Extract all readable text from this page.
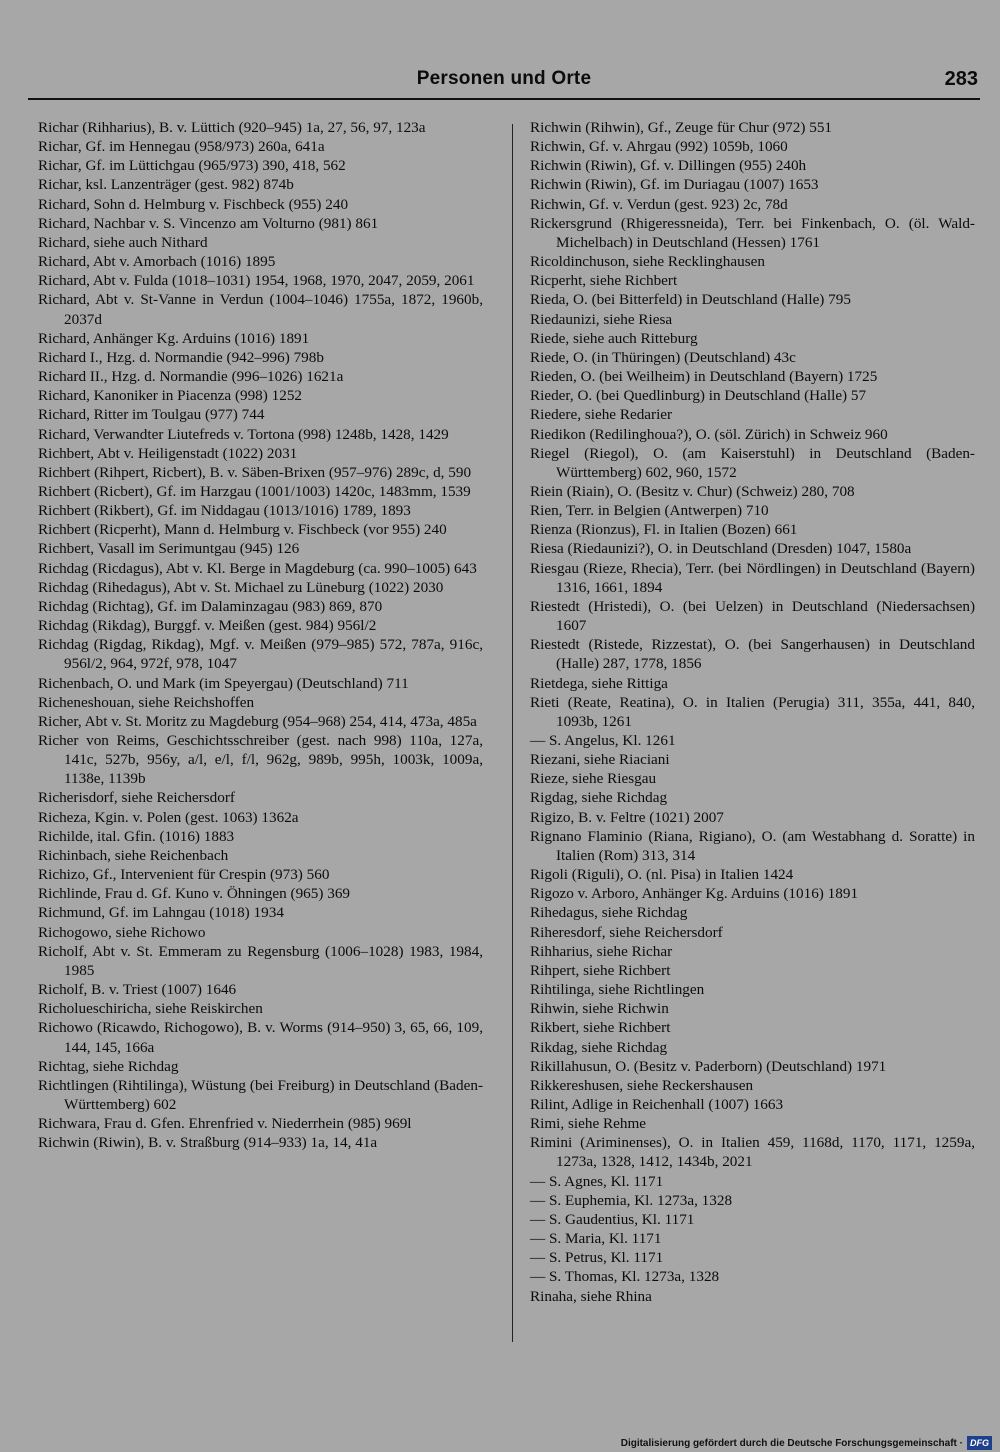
Personen und Orte	283

Richar (Rihharius), B. v. Lüttich (920–945) 1a, 27, 56, 97, 123a

Richar, Gf. im Hennegau (958/973) 260a, 641a

Richar, Gf. im Lüttichgau (965/973) 390, 418, 562

Richar, ksl. Lanzenträger (gest. 982) 874b

Richard, Sohn d. Helmburg v. Fischbeck (955) 240

Richard, Nachbar v. S. Vincenzo am Volturno (981) 861

Richard, siehe auch Nithard

Richard, Abt v. Amorbach (1016) 1895

Richard, Abt v. Fulda (1018–1031) 1954, 1968, 1970, 2047, 2059, 2061

Richard, Abt v. St-Vanne in Verdun (1004–1046) 1755a, 1872, 1960b, 2037d

Richard, Anhänger Kg. Arduins (1016) 1891

Richard I., Hzg. d. Normandie (942–996) 798b

Richard II., Hzg. d. Normandie (996–1026) 1621a

Richard, Kanoniker in Piacenza (998) 1252

Richard, Ritter im Toulgau (977) 744

Richard, Verwandter Liutefreds v. Tortona (998) 1248b, 1428, 1429

Richbert, Abt v. Heiligenstadt (1022) 2031

Richbert (Rihpert, Ricbert), B. v. Säben-Brixen (957–976) 289c, d, 590

Richbert (Ricbert), Gf. im Harzgau (1001/1003) 1420c, 1483mm, 1539

Richbert (Rikbert), Gf. im Niddagau (1013/1016) 1789, 1893

Richbert (Ricperht), Mann d. Helmburg v. Fischbeck (vor 955) 240

Richbert, Vasall im Serimuntgau (945) 126

Richdag (Ricdagus), Abt v. Kl. Berge in Magdeburg (ca. 990–1005) 643

Richdag (Rihedagus), Abt v. St. Michael zu Lüneburg (1022) 2030

Richdag (Richtag), Gf. im Dalaminzagau (983) 869, 870

Richdag (Rikdag), Burggf. v. Meißen (gest. 984) 956l/2

Richdag (Rigdag, Rikdag), Mgf. v. Meißen (979–985) 572, 787a, 916c, 956l/2, 964, 972f, 978, 1047

Richenbach, O. und Mark (im Speyergau) (Deutschland) 711

Richeneshouan, siehe Reichshoffen

Richer, Abt v. St. Moritz zu Magdeburg (954–968) 254, 414, 473a, 485a

Richer von Reims, Geschichtsschreiber (gest. nach 998) 110a, 127a, 141c, 527b, 956y, a/l, e/l, f/l, 962g, 989b, 995h, 1003k, 1009a, 1138e, 1139b

Richerisdorf, siehe Reichersdorf

Richeza, Kgin. v. Polen (gest. 1063) 1362a

Richilde, ital. Gfin. (1016) 1883

Richinbach, siehe Reichenbach

Richizo, Gf., Intervenient für Crespin (973) 560

Richlinde, Frau d. Gf. Kuno v. Öhningen (965) 369

Richmund, Gf. im Lahngau (1018) 1934

Richogowo, siehe Richowo

Richolf, Abt v. St. Emmeram zu Regensburg (1006–1028) 1983, 1984, 1985

Richolf, B. v. Triest (1007) 1646

Richolueschiricha, siehe Reiskirchen

Richowo (Ricawdo, Richogowo), B. v. Worms (914–950) 3, 65, 66, 109, 144, 145, 166a

Richtag, siehe Richdag

Richtlingen (Rihtilinga), Wüstung (bei Freiburg) in Deutschland (Baden-Württemberg) 602

Richwara, Frau d. Gfen. Ehrenfried v. Niederrhein (985) 969l

Richwin (Riwin), B. v. Straßburg (914–933) 1a, 14, 41a

Richwin (Rihwin), Gf., Zeuge für Chur (972) 551

Richwin, Gf. v. Ahrgau (992) 1059b, 1060

Richwin (Riwin), Gf. v. Dillingen (955) 240h

Richwin (Riwin), Gf. im Duriagau (1007) 1653

Richwin, Gf. v. Verdun (gest. 923) 2c, 78d

Rickersgrund (Rhigeressneida), Terr. bei Finkenbach, O. (öl. Wald-Michelbach) in Deutschland (Hessen) 1761

Ricoldinchuson, siehe Recklinghausen

Ricperht, siehe Richbert

Rieda, O. (bei Bitterfeld) in Deutschland (Halle) 795

Riedaunizi, siehe Riesa

Riede, siehe auch Ritteburg

Riede, O. (in Thüringen) (Deutschland) 43c

Rieden, O. (bei Weilheim) in Deutschland (Bayern) 1725

Rieder, O. (bei Quedlinburg) in Deutschland (Halle) 57

Riedere, siehe Redarier

Riedikon (Redilinghoua?), O. (söl. Zürich) in Schweiz 960

Riegel (Riegol), O. (am Kaiserstuhl) in Deutschland (Baden-Württemberg) 602, 960, 1572

Riein (Riain), O. (Besitz v. Chur) (Schweiz) 280, 708

Rien, Terr. in Belgien (Antwerpen) 710

Rienza (Rionzus), Fl. in Italien (Bozen) 661

Riesa (Riedaunizi?), O. in Deutschland (Dresden) 1047, 1580a

Riesgau (Rieze, Rhecia), Terr. (bei Nördlingen) in Deutschland (Bayern) 1316, 1661, 1894

Riestedt (Hristedi), O. (bei Uelzen) in Deutschland (Niedersachsen) 1607

Riestedt (Ristede, Rizzestat), O. (bei Sangerhausen) in Deutschland (Halle) 287, 1778, 1856

Rietdega, siehe Rittiga

Rieti (Reate, Reatina), O. in Italien (Perugia) 311, 355a, 441, 840, 1093b, 1261

— S. Angelus, Kl. 1261

Riezani, siehe Riaciani

Rieze, siehe Riesgau

Rigdag, siehe Richdag

Rigizo, B. v. Feltre (1021) 2007

Rignano Flaminio (Riana, Rigiano), O. (am Westabhang d. Soratte) in Italien (Rom) 313, 314

Rigoli (Riguli), O. (nl. Pisa) in Italien 1424

Rigozo v. Arboro, Anhänger Kg. Arduins (1016) 1891

Rihedagus, siehe Richdag

Riheresdorf, siehe Reichersdorf

Rihharius, siehe Richar

Rihpert, siehe Richbert

Rihtilinga, siehe Richtlingen

Rihwin, siehe Richwin

Rikbert, siehe Richbert

Rikdag, siehe Richdag

Rikillahusun, O. (Besitz v. Paderborn) (Deutschland) 1971

Rikkereshusen, siehe Reckershausen

Rilint, Adlige in Reichenhall (1007) 1663

Rimi, siehe Rehme

Rimini (Ariminenses), O. in Italien 459, 1168d, 1170, 1171, 1259a, 1273a, 1328, 1412, 1434b, 2021

— S. Agnes, Kl. 1171

— S. Euphemia, Kl. 1273a, 1328

— S. Gaudentius, Kl. 1171

— S. Maria, Kl. 1171

— S. Petrus, Kl. 1171

— S. Thomas, Kl. 1273a, 1328

Rinaha, siehe Rhina

Digitalisierung gefördert durch die Deutsche Forschungsgemeinschaft · DFG
